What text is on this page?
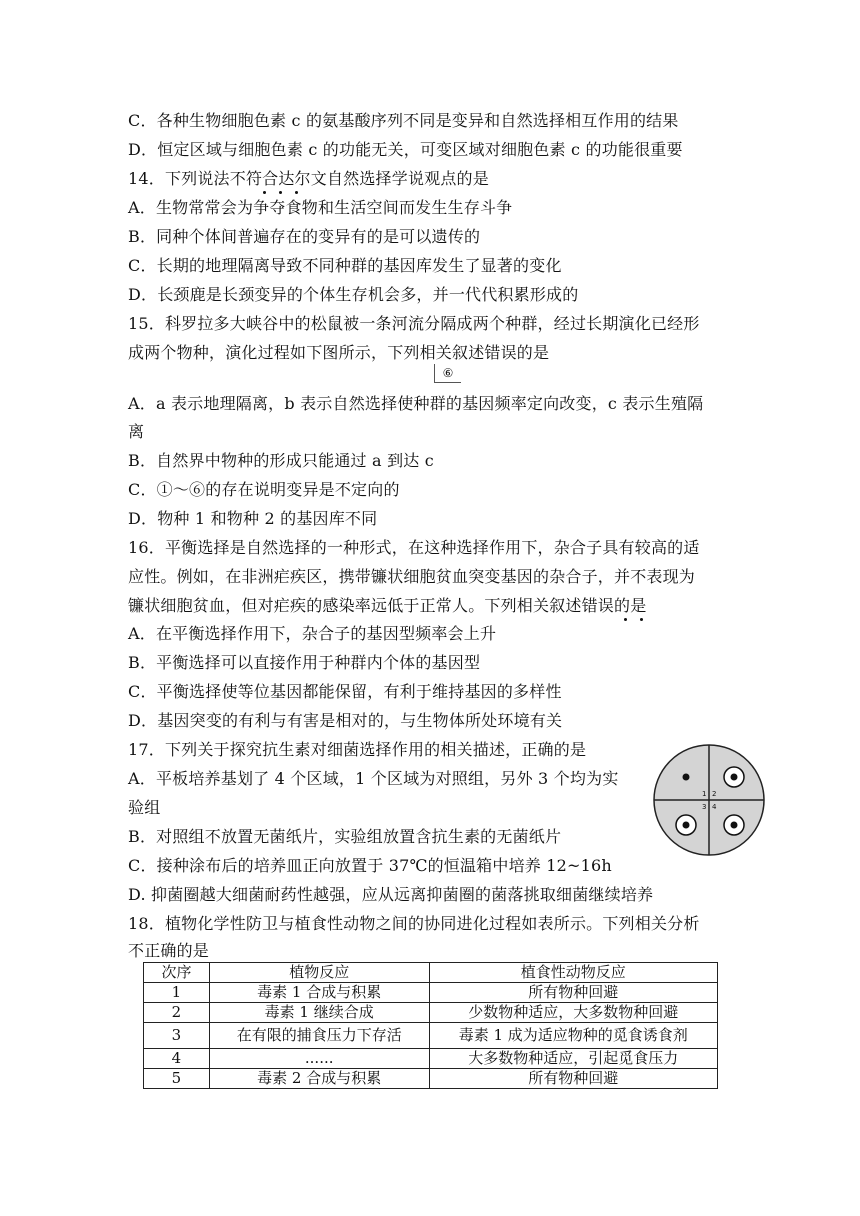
C．各种生物细胞色素 c 的氨基酸序列不同是变异和自然选择相互作用的结果
D．恒定区域与细胞色素 c 的功能无关，可变区域对细胞色素 c 的功能很重要
14．下列说法不符合达尔文自然选择学说观点的是
A．生物常常会为争夺食物和生活空间而发生生存斗争
B．同种个体间普遍存在的变异有的是可以遗传的
C．长期的地理隔离导致不同种群的基因库发生了显著的变化
D．长颈鹿是长颈变异的个体生存机会多，并一代代积累形成的
15．科罗拉多大峡谷中的松鼠被一条河流分隔成两个种群，经过长期演化已经形
成两个物种，演化过程如下图所示，下列相关叙述错误的是
⑥
A．a 表示地理隔离，b 表示自然选择使种群的基因频率定向改变，c 表示生殖隔
离
B．自然界中物种的形成只能通过 a 到达 c
C．①～⑥的存在说明变异是不定向的
D．物种 1 和物种 2 的基因库不同
16．平衡选择是自然选择的一种形式，在这种选择作用下，杂合子具有较高的适
应性。例如，在非洲疟疾区，携带镰状细胞贫血突变基因的杂合子，并不表现为
镰状细胞贫血，但对疟疾的感染率远低于正常人。下列相关叙述错误的是
A．在平衡选择作用下，杂合子的基因型频率会上升
B．平衡选择可以直接作用于种群内个体的基因型
C．平衡选择使等位基因都能保留，有利于维持基因的多样性
D．基因突变的有利与有害是相对的，与生物体所处环境有关
17．下列关于探究抗生素对细菌选择作用的相关描述，正确的是
A．平板培养基划了 4 个区域，1 个区域为对照组，另外 3 个均为实
验组
B．对照组不放置无菌纸片，实验组放置含抗生素的无菌纸片
C．接种涂布后的培养皿正向放置于 37℃的恒温箱中培养 12~16h
D. 抑菌圈越大细菌耐药性越强，应从远离抑菌圈的菌落挑取细菌继续培养
1 2
3 4
18．植物化学性防卫与植食性动物之间的协同进化过程如表所示。下列相关分析
不正确的是
次序	植物反应	植食性动物反应
1	毒素 1 合成与积累	所有物种回避
2	毒素 1 继续合成	少数物种适应，大多数物种回避
3	在有限的捕食压力下存活	毒素 1 成为适应物种的觅食诱食剂
4	......	大多数物种适应，引起觅食压力
5	毒素 2 合成与积累	所有物种回避
